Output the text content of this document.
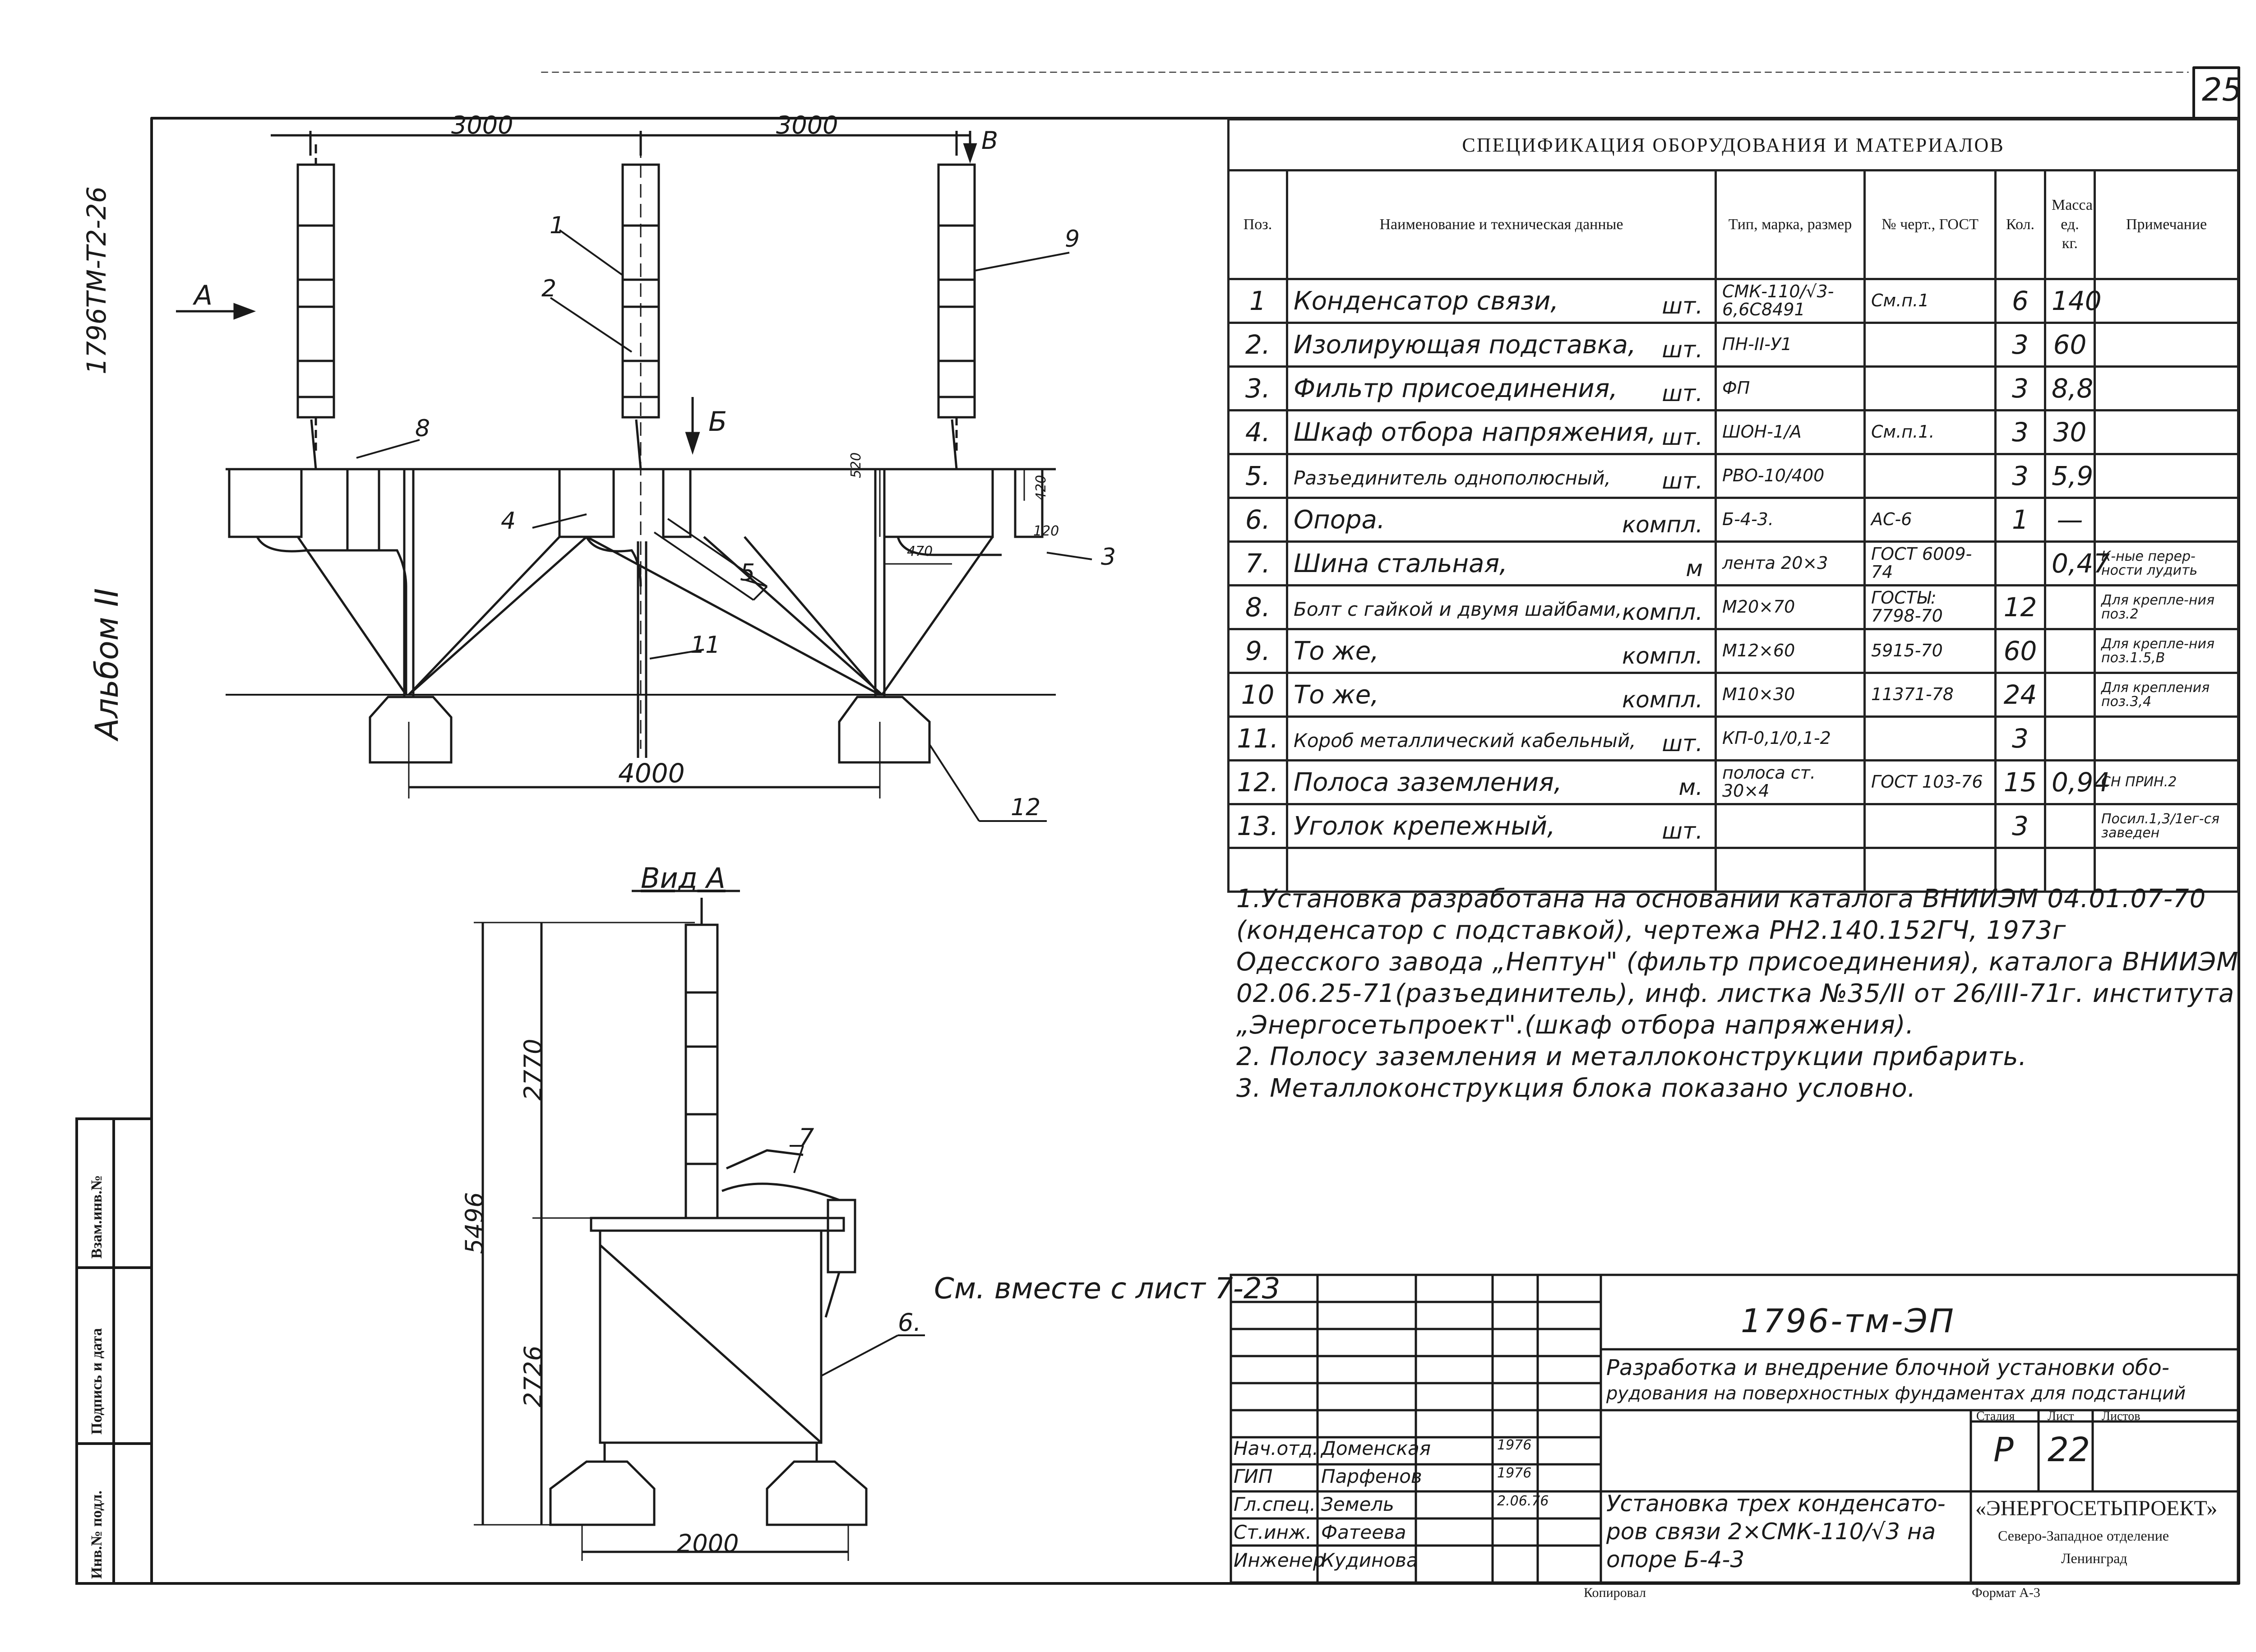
25
1796TM-T2-26
Альбом II
Инв.№ подл.
Подпись и дата
Взам.инв.№
3000	3000
4000
В
А
Б
1
2
9
8
4
5
3
11
12
520
420
120
470
Вид А
5496
2770
2726
2000
7
6.
См. вместе с лист 7-23
СПЕЦИФИКАЦИЯ ОБОРУДОВАНИЯ И МАТЕРИАЛОВ						
Поз.	Наименование и техническая данные	Тип, марка, размер	№ черт., ГОСТ	Кол.	Масса ед. кг.	Примечание
1	Конденсатор связи, шт.	СМК-110/√3-6,6С8491	См.п.1	6	140	
2.	Изолирующая подставка, шт.	ПН-II-У1		3	60	
3.	Фильтр присоединения, шт.	ФП		3	8,8	
4.	Шкаф отбора напряжения, шт.	ШОН-1/А	См.п.1.	3	30	
5.	Разъединитель однополюсный, шт.	РВО-10/400		3	5,9	
6.	Опора. компл.	Б-4-3.	АС-6	1	—	
7.	Шина стальная, м	лента 20×3	ГОСТ 6009-74		0,47	К-ные перер-ности лудить
8.	Болт с гайкой и двумя шайбами, компл.	М20×70	ГОСТЫ: 7798-70	12		Для крепле-ния поз.2
9.	То же, компл.	М12×60	5915-70	60		Для крепле-ния поз.1.5,В
10	То же, компл.	М10×30	11371-78	24		Для крепления поз.3,4
11.	Короб металлический кабельный, шт.	КП-0,1/0,1-2		3		
12.	Полоса заземления, м.	полоса ст. 30×4	ГОСТ 103-76	15	0,94	СН ПРИН.2
13.	Уголок крепежный, шт.			3		Посил.1,3/1ег-ся заведен

1.Установка разработана на основании каталога ВНИИЭМ 04.01.07-70
(конденсатор с подставкой), чертежа РН2.140.152ГЧ, 1973г
Одесского завода „Нептун" (фильтр присоединения), каталога ВНИИЭМ
02.06.25-71(разъединитель), инф. листка №35/II от 26/III-71г. института
„Энергосетьпроект".(шкаф отбора напряжения).
2. Полосу заземления и металлоконструкции прибарить.
3. Металлоконструкция блока показано условно.
1796-тм-ЭП
Разработка и внедрение блочной установки обо-
рудования на поверхностных фундаментах для подстанций
Стадия	Лист Листов
Р 22
Установка трех конденсато-
ров связи 2×СМК-110/√3 на
опоре Б-4-3
«ЭНЕРГОСЕТЬПРОЕКТ»
Северо-Западное отделение
Ленинград
Нач.отд. Доменская	1976
ГИП	Парфенов	1976
Гл.спец. Земель	2.06.76
Ст.инж. Фатеева
Инженер
Кудинова
Копировал	Формат А-3
